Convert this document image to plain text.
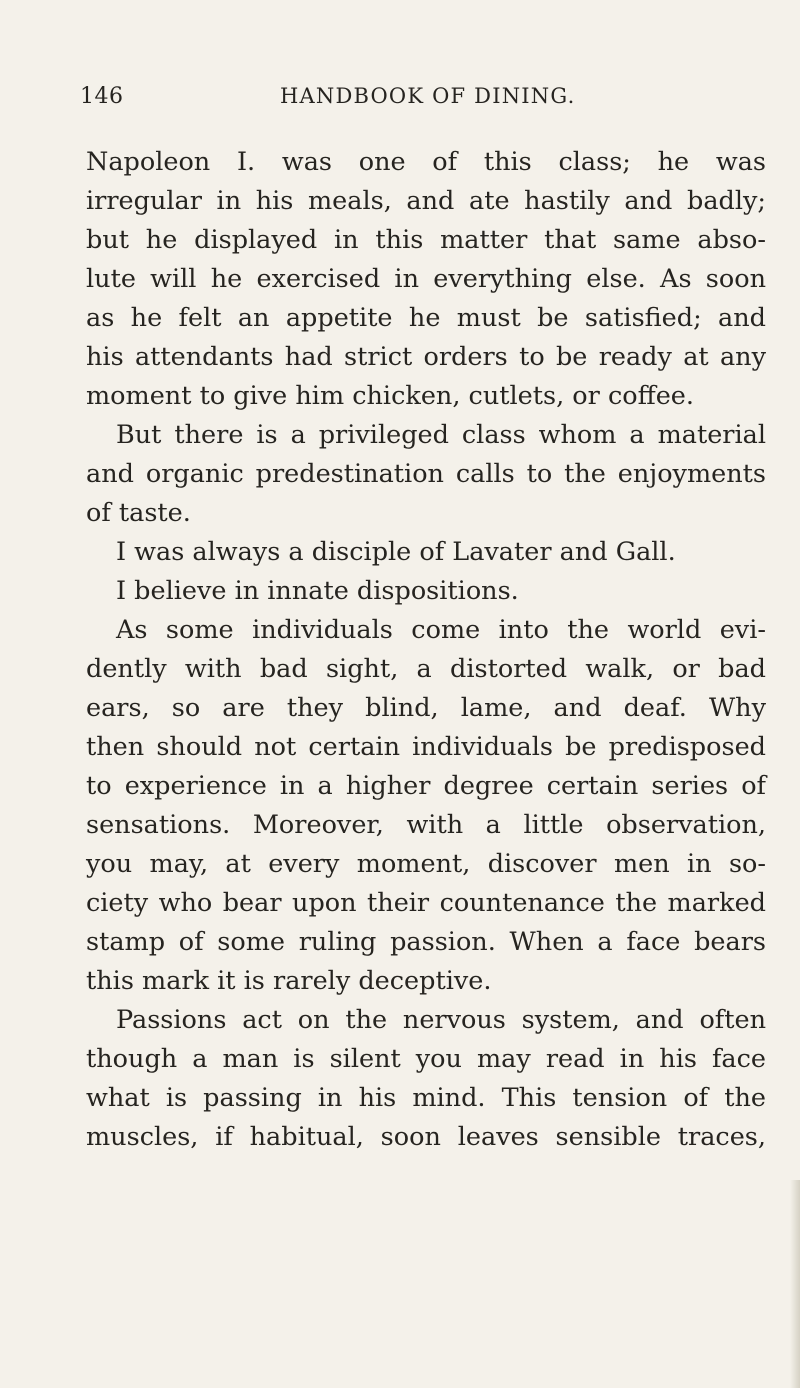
146	HANDBOOK OF DINING.
Napoleon I. was one of this class; he was
irregular in his meals, and ate hastily and badly;
but he displayed in this matter that same abso-
lute will he exercised in everything else. As soon
as he felt an appetite he must be satisfied; and
his attendants had strict orders to be ready at any
moment to give him chicken, cutlets, or coffee.
But there is a privileged class whom a material
and organic predestination calls to the enjoyments
of taste.
I was always a disciple of Lavater and Gall.
I believe in innate dispositions.
As some individuals come into the world evi-
dently with bad sight, a distorted walk, or bad
ears, so are they blind, lame, and deaf. Why
then should not certain individuals be predisposed
to experience in a higher degree certain series of
sensations. Moreover, with a little observation,
you may, at every moment, discover men in so-
ciety who bear upon their countenance the marked
stamp of some ruling passion. When a face bears
this mark it is rarely deceptive.
Passions act on the nervous system, and often
though a man is silent you may read in his face
what is passing in his mind. This tension of the
muscles, if habitual, soon leaves sensible traces,
